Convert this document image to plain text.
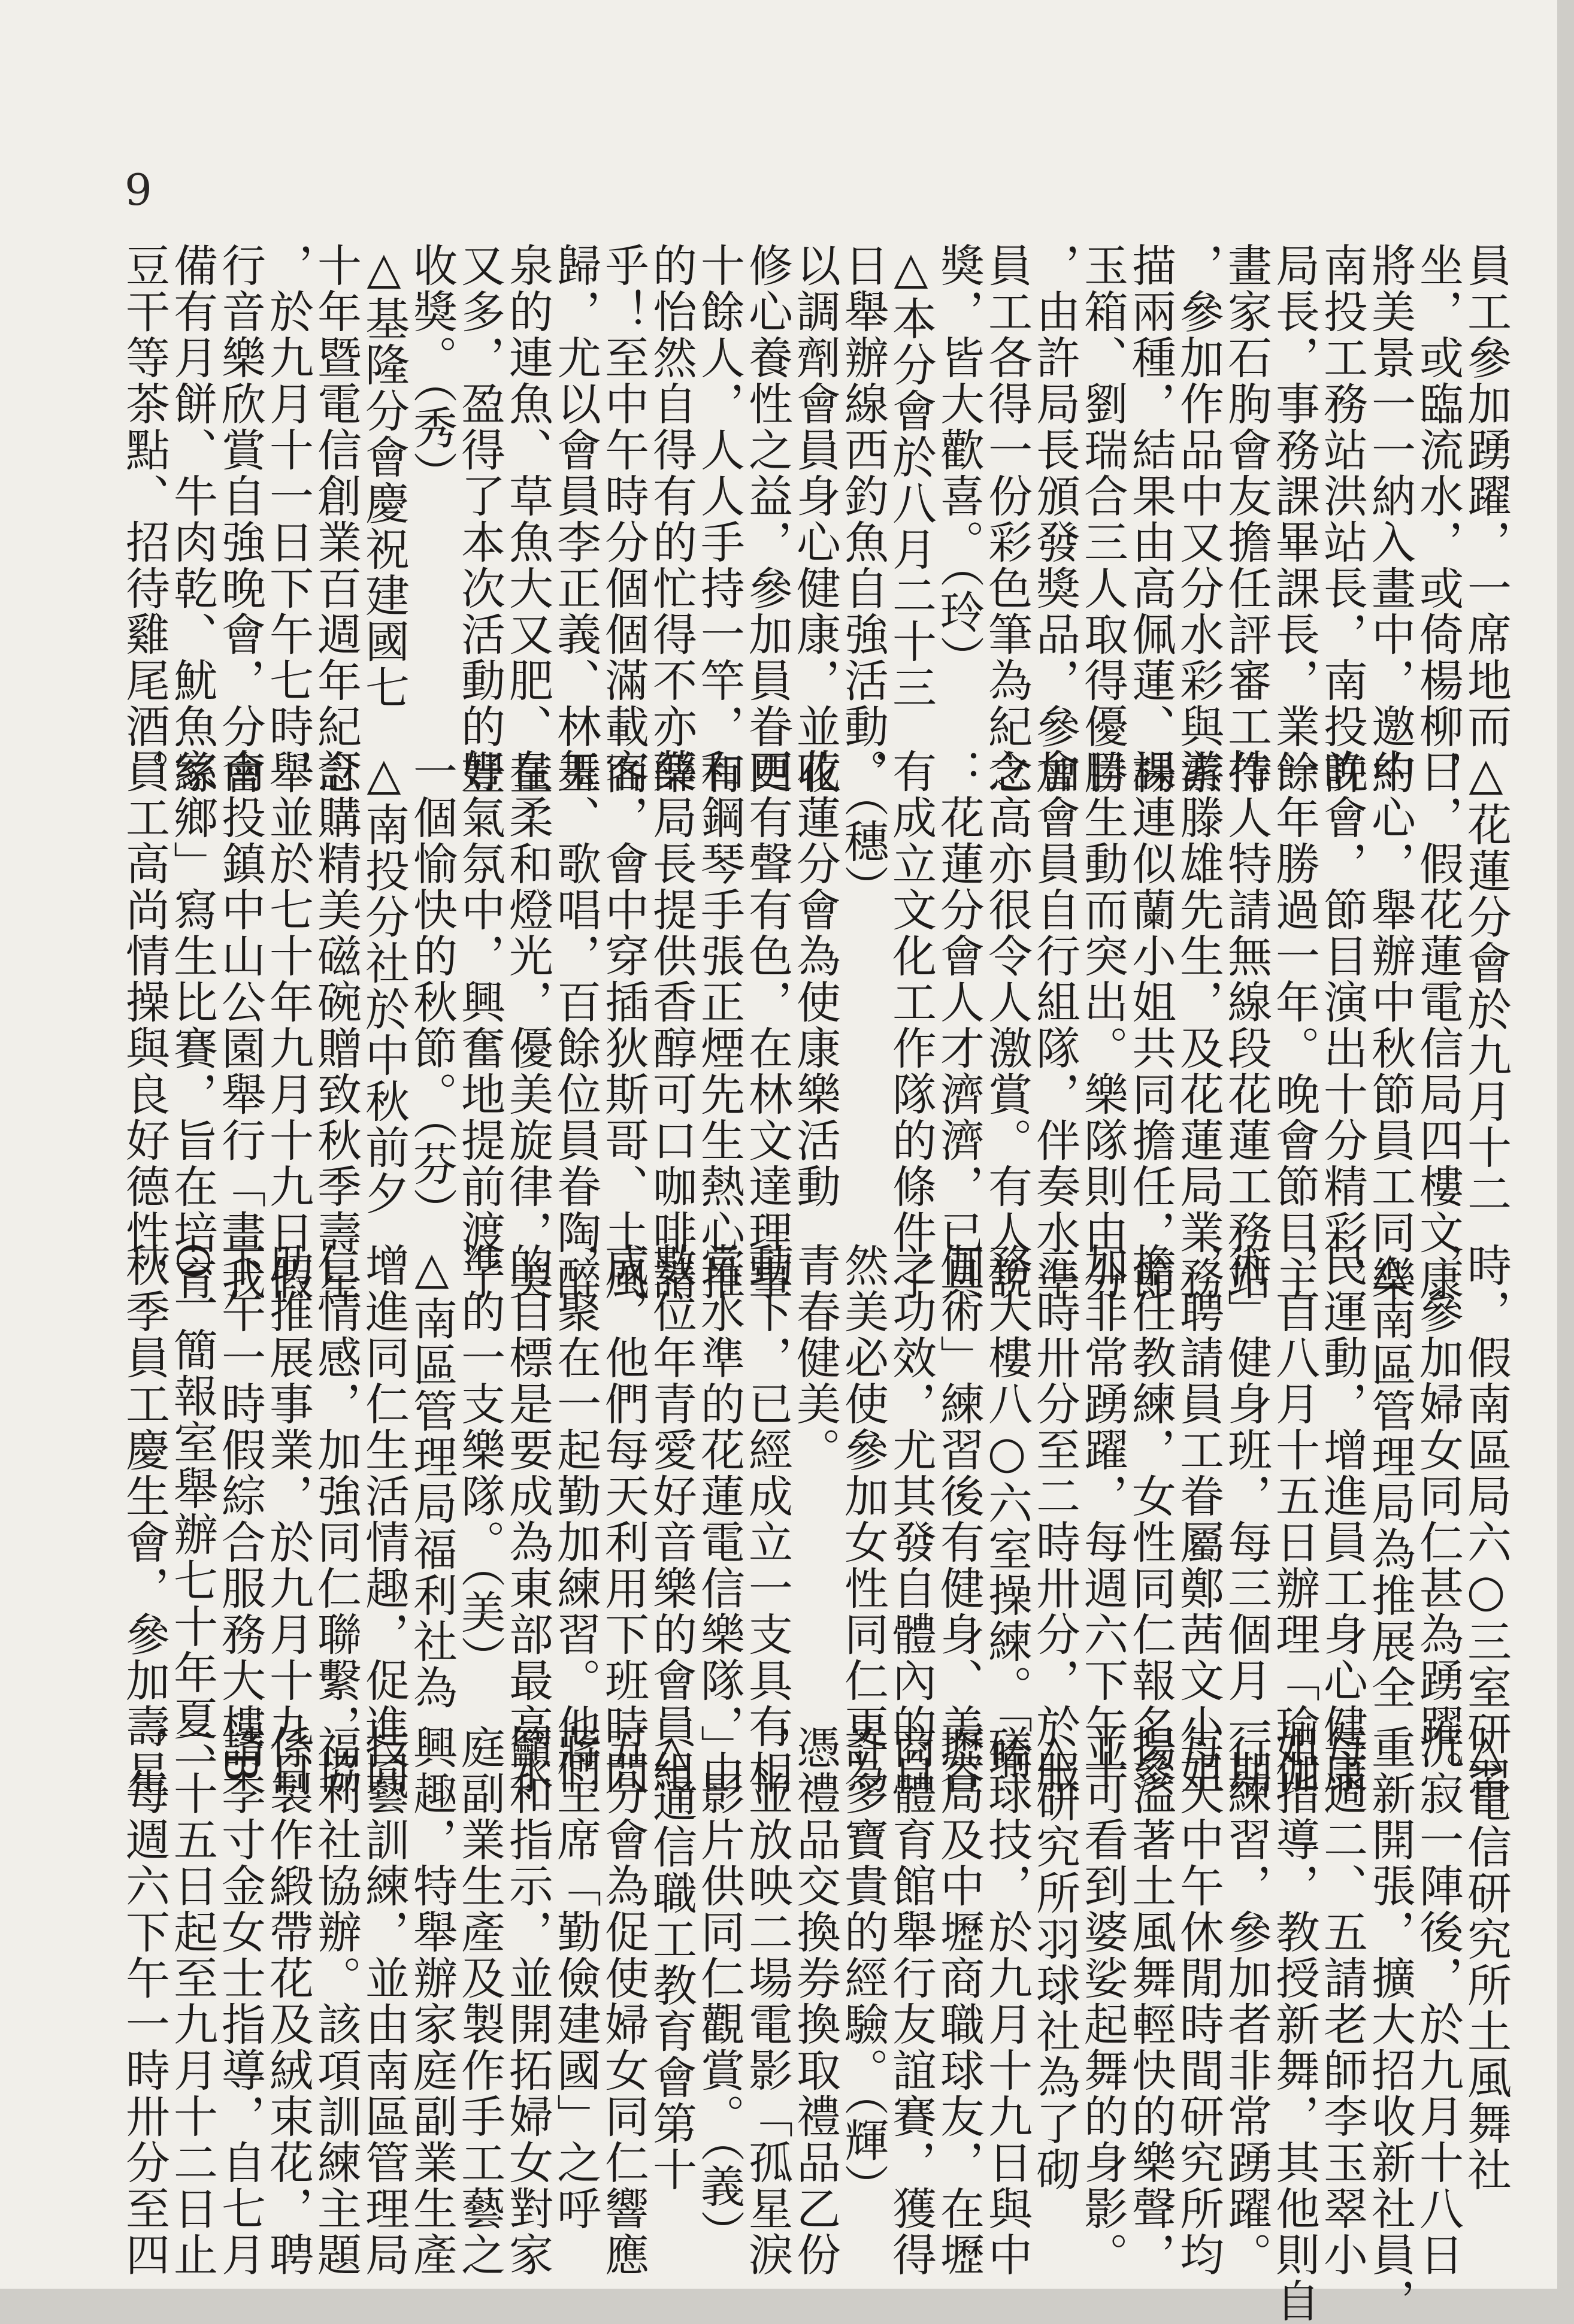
9
員工參加踴躍，一席地而
坐，或臨流水，或倚楊柳，
將美景一一納入畫中，邀約
南投工務站洪站長，南投許
局長，事務課畢課長，業餘
畫家石朐會友擔任評審工作
，參加作品中又分水彩與素
描兩種，結果由高佩蓮、楊
玉箱、劉瑞合三人取得優勝
，由許局長頒發獎品，參加
員工各得一份彩色筆為紀念
獎，皆大歡喜。（玲）
△本分會於八月二十三
日舉辦線西釣魚自強活動，
以調劑會員身心健康，並收
修心養性之益，參加員眷四
十餘人，人人手持一竿，有
的怡然自得有的忙得不亦樂
乎！至中午時分個個滿載而
歸，尤以會員李正義、林玉
泉的連魚、草魚大又肥、量
又多，盈得了本次活動的豐
收獎。（秀）
△基隆分會慶祝建國七
十年暨電信創業百週年紀念
，於九月十一日下午七時舉
行音樂欣賞自強晚會，分會
備有月餅、牛肉乾、魷魚絲
豆干等茶點、招待雞尾酒。
△花蓮分會於九月十二
日，假花蓮電信局四樓文康
中心，舉辦中秋節員工同樂
晚會，節目演出十分精彩，
一年勝過一年。晚會節目主
持人特請無線段花蓮工務站
游滕雄先生，及花蓮局業務
課連似蘭小姐共同擔任，節
目生動而突出。樂隊則由分
會會員自行組隊，伴奏水準
之高亦很令人激賞。有人說
：花蓮分會人才濟濟，已具
有成立文化工作隊的條件了
。（穗）
花蓮分會為使康樂活動
更有聲有色，在林文達理事
和鋼琴手張正煙先生熱心推
薛局長提供香醇可口咖啡請
客，會中穿插狄斯哥、土風
舞、歌唱，百餘位員眷陶醉
在柔和燈光，優美旋律，美
好氣氛中，興奮地提前渡了
一個愉快的秋節。（芬）
△南投分社於中秋前夕
訂購精美磁碗贈致秋季壽星
，並於七十年九月十九日假
南投鎮中山公園舉行「畫我
家鄉」寫生比賽，旨在培育
員工高尚情操與良好德性，
時，假南區局六○三室研習
，參加婦女同仁甚為踴躍。
△南區管理局為推展全
民運動，增進員工身心健康
，自八月十五日辦理「瑜伽
術」健身班，每三個月一期
，聘請員工眷屬鄭茜文小姐
擔任教練，女性同仁報名參
加非常踴躍，每週六下午十
二時卅分至二時卅分，於服
務大樓八○六室操練。「瑜
伽術」練習後有健身、美容
之功效，尤其發自體內的自
然美必使參加女性同仁更為
青春健美。
動下，已經成立一支具有相
當水準的花蓮電信樂隊，由
數位年青愛好音樂的會員組
成，他們每天利用下班時間
，聚在一起勤加練習。他們
的目標是要成為東部最高水
準的一支樂隊。（美）
△南區管理局福利社為
增進同仁生活情趣，促進同
仁情感，加強同仁聯繫，協
助推展事業，於九月十九日
下午一時假綜合服務大樓B
O一簡報室舉辦七十年夏、
秋季員工慶生會，參加壽星
△電信研究所土風舞社
沉寂一陣後，於九月十八日
重新開張，擴大招收新社員，
每週二、五請老師李玉翠小
姐指導，教授新舞，其他則自
行練習，參加者非常踴躍。
每天中午休閒時間研究所均
揚溢著土風舞輕快的樂聲，
並可看到婆娑起舞的身影。
△研究所羽球社為了砌
磋球技，於九月十九日與中
壢局及中壢商職球友，在壢
商體育館舉行友誼賽，獲得
許多寶貴的經驗。（輝）
憑禮品交換券換取禮品乙份
，並放映二場電影「孤星淚
」影片供同仁觀賞。（義）
△通信職工教育會第十
五分會為促使婦女同仁響應
蔣主席「勤儉建國」之呼
籲和指示，並開拓婦女對家
庭副業生產及製作手工藝之
興趣，特舉辦家庭副業生產
技藝訓練，並由南區管理局
福利社協辦。該項訓練主題
係製作緞帶花及絨束花，聘
請李寸金女士指導，自七月
二十五日起至九月十二日止
，每週六下午一時卅分至四
